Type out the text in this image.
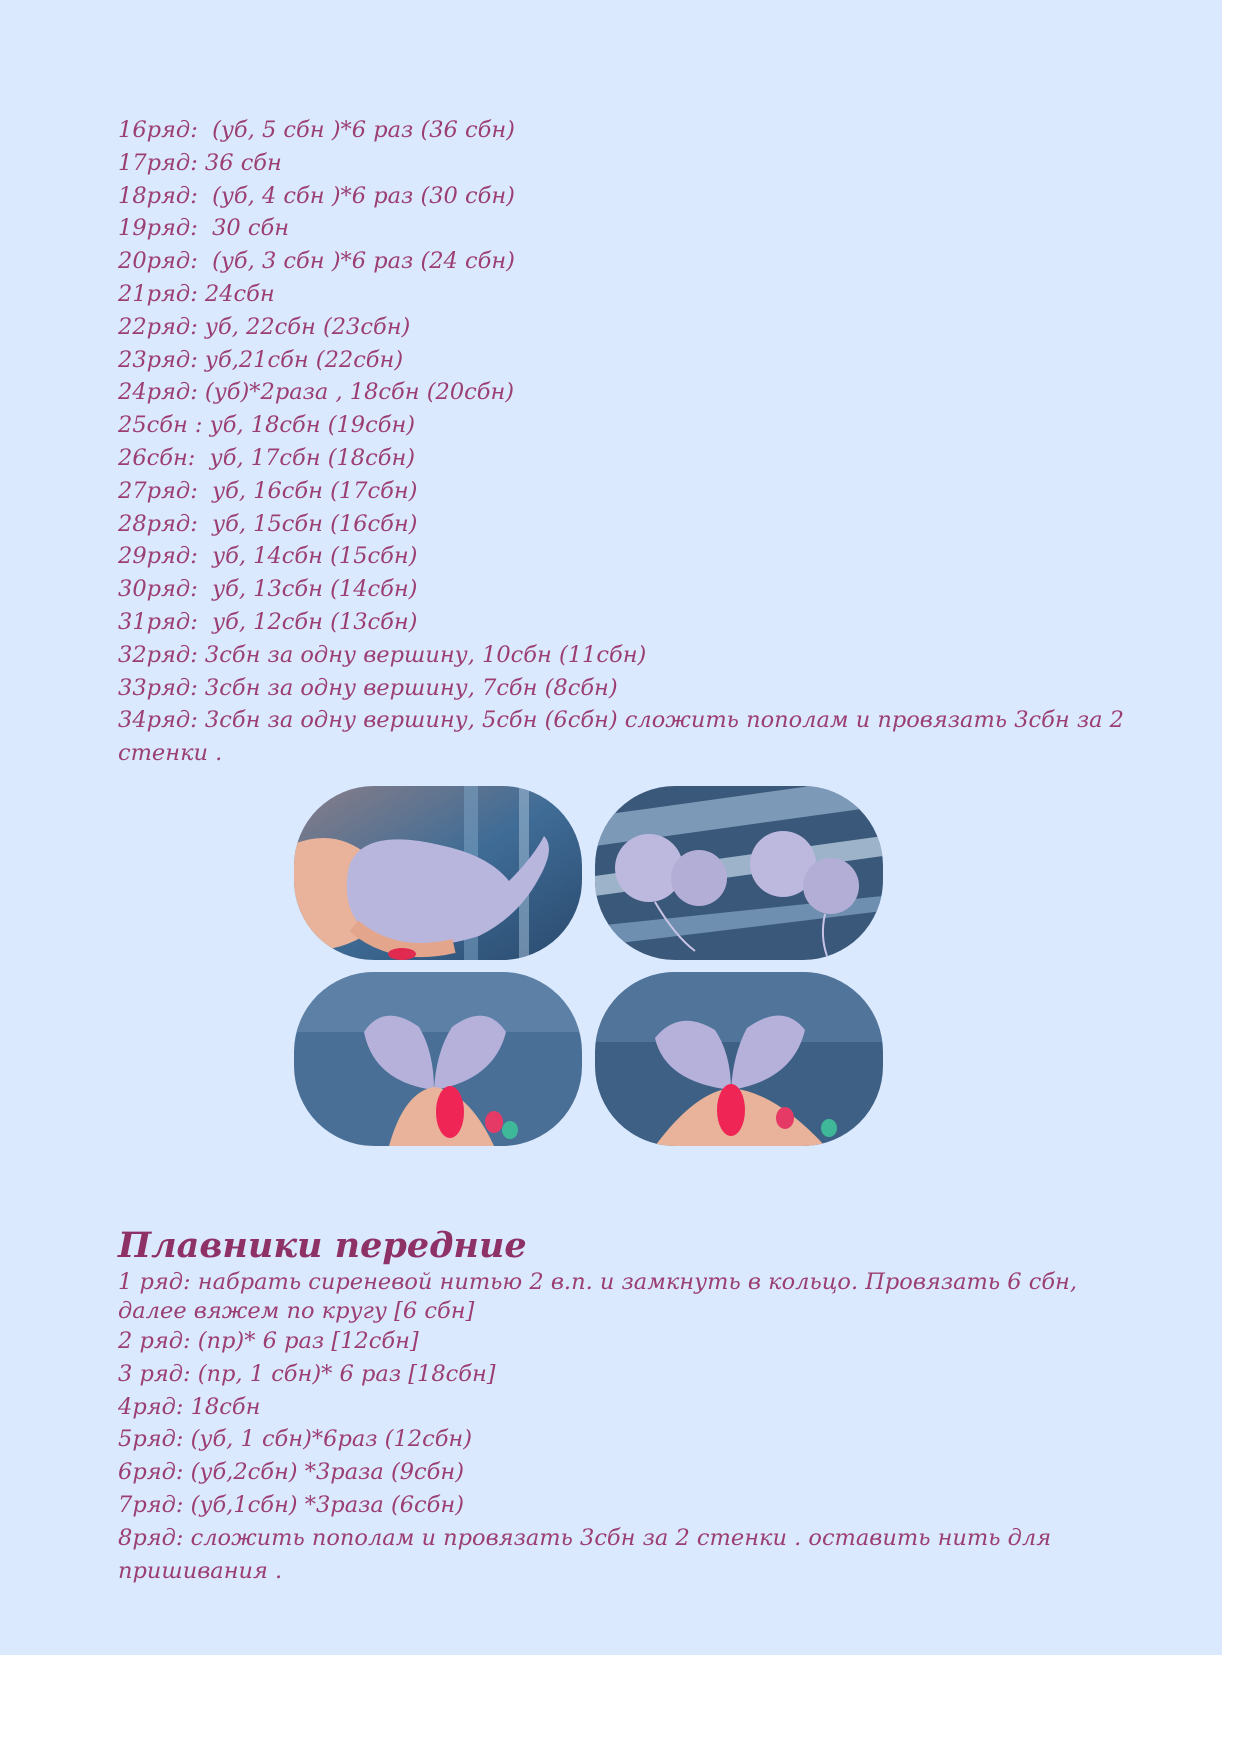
16ряд:  (уб, 5 сбн )*6 раз (36 сбн)
17ряд: 36 сбн
18ряд:  (уб, 4 сбн )*6 раз (30 сбн)
19ряд:  30 сбн
20ряд:  (уб, 3 сбн )*6 раз (24 сбн)
21ряд: 24сбн
22ряд: уб, 22сбн (23сбн)
23ряд: уб,21сбн (22сбн)
24ряд: (уб)*2раза , 18сбн (20сбн)
25сбн : уб, 18сбн (19сбн)
26сбн:  уб, 17сбн (18сбн)
27ряд:  уб, 16сбн (17сбн)
28ряд:  уб, 15сбн (16сбн)
29ряд:  уб, 14сбн (15сбн)
30ряд:  уб, 13сбн (14сбн)
31ряд:  уб, 12сбн (13сбн)
32ряд: 3сбн за одну вершину, 10сбн (11сбн)
33ряд: 3сбн за одну вершину, 7сбн (8сбн)
34ряд: 3сбн за одну вершину, 5сбн (6сбн) сложить пополам и провязать 3сбн за 2 стенки .
Плавники передние
1 ряд: набрать сиреневой нитью 2 в.п. и замкнуть в кольцо. Провязать 6 сбн, далее вяжем по кругу [6 сбн]
2 ряд: (пр)* 6 раз [12сбн]
3 ряд: (пр, 1 сбн)* 6 раз [18сбн]
4ряд: 18сбн
5ряд: (уб, 1 сбн)*6раз (12сбн)
6ряд: (уб,2сбн) *3раза (9сбн)
7ряд: (уб,1сбн) *3раза (6сбн)
8ряд: сложить пополам и провязать 3сбн за 2 стенки . оставить нить для пришивания .
